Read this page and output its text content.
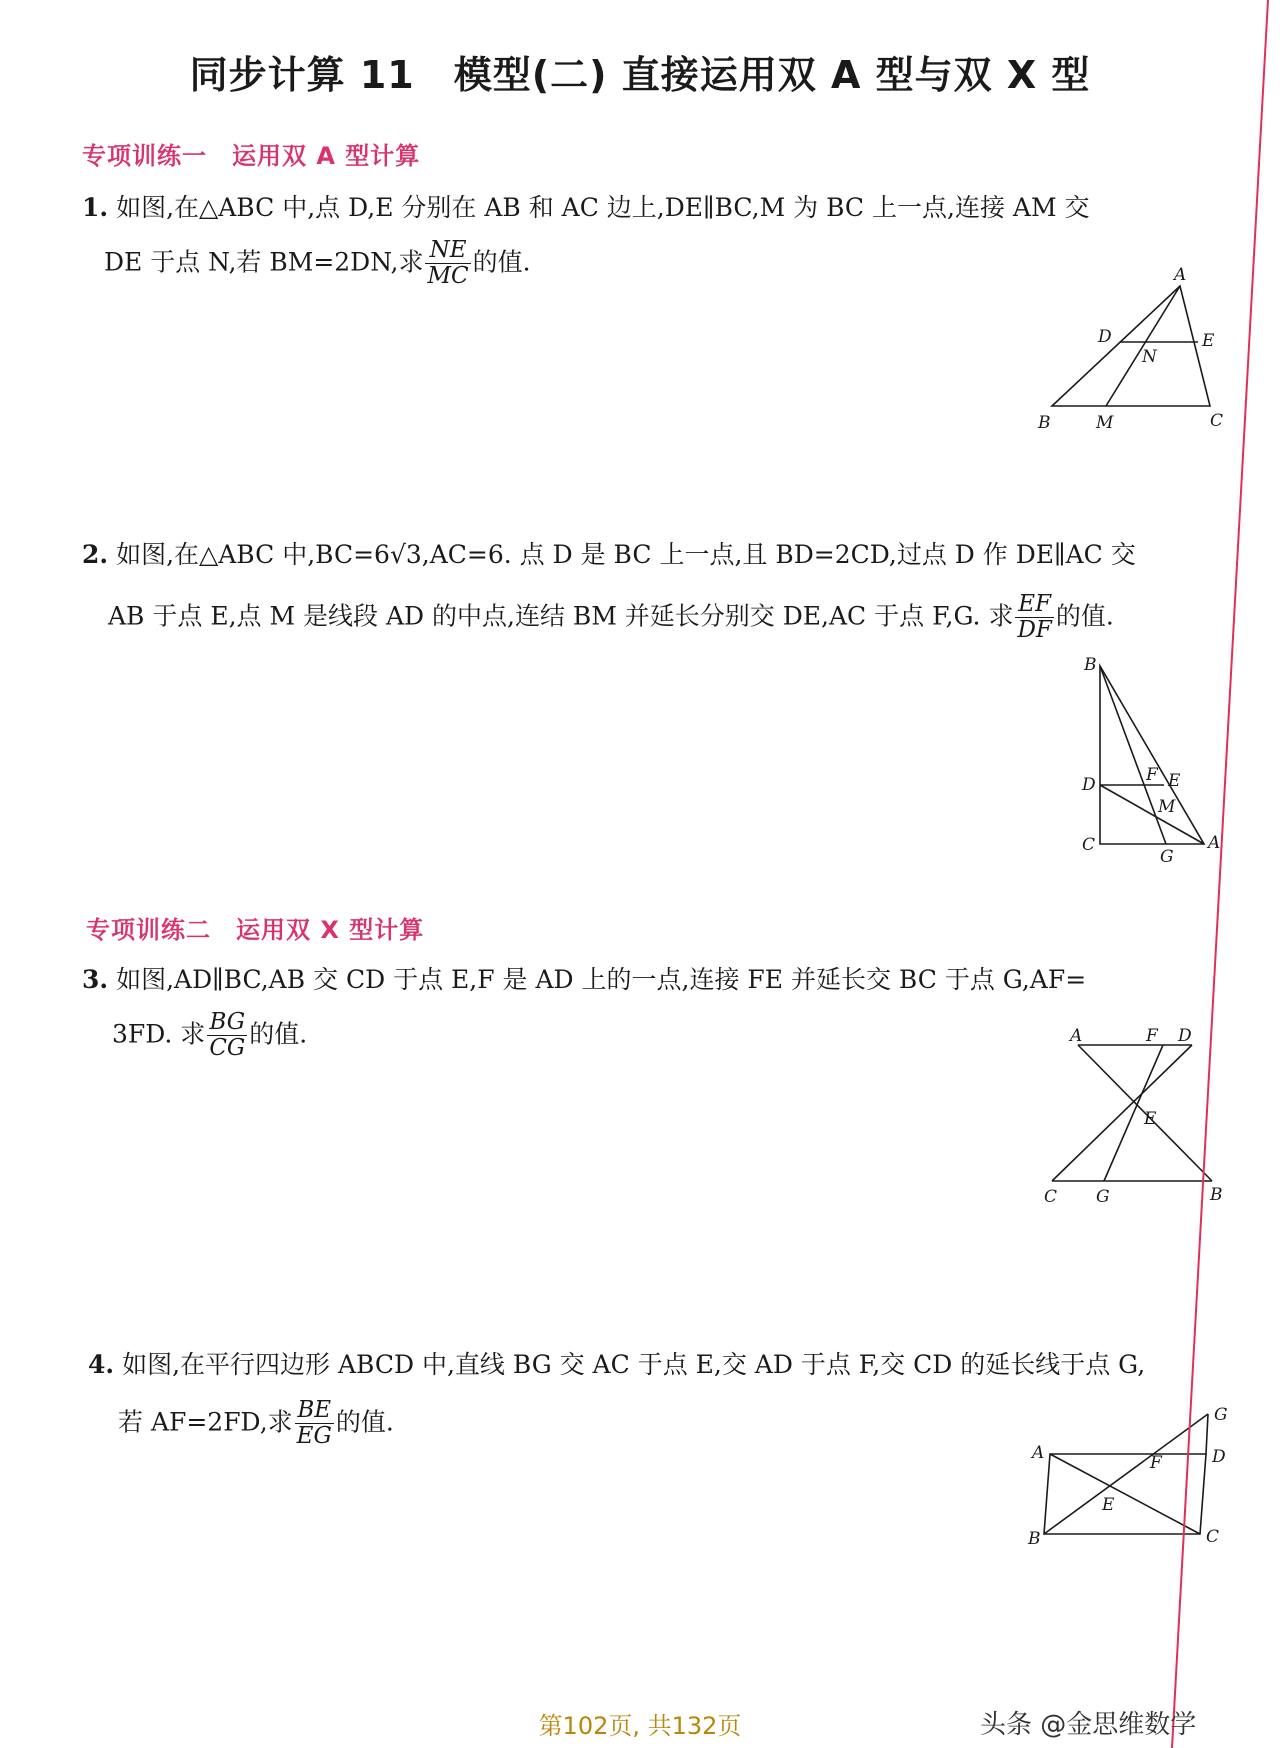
同步计算 11　模型(二) 直接运用双 A 型与双 X 型
专项训练一　运用双 A 型计算
1. 如图,在△ABC 中,点 D,E 分别在 AB 和 AC 边上,DE∥BC,M 为 BC 上一点,连接 AM 交
DE 于点 N,若 BM=2DN,求 $\frac{NE}{MC}$ 的值.	A
B	C
D	E
M
N
2. 如图,在△ABC 中,BC=6√3,AC=6. 点 D 是 BC 上一点,且 BD=2CD,过点 D 作 DE∥AC 交
AB 于点 E,点 M 是线段 AD 的中点,连结 BM 并延长分别交 DE,AC 于点 F,G. 求 $\frac{EF}{DF}$ 的值.
B
C	A
D	E
F
G
M
专项训练二　运用双 X 型计算
3. 如图,AD∥BC,AB 交 CD 于点 E,F 是 AD 上的一点,连接 FE 并延长交 BC 于点 G,AF=
3FD. 求 $\frac{BG}{CG}$ 的值.	A	D
F
E
C G	B
4. 如图,在平行四边形 ABCD 中,直线 BG 交 AC 于点 E,交 AD 于点 F,交 CD 的延长线于点 G,
若 AF=2FD,求 $\frac{BE}{EG}$ 的值.
A
B	C
D
E
F
G
第102页, 共132页	头条 @金思维数学
